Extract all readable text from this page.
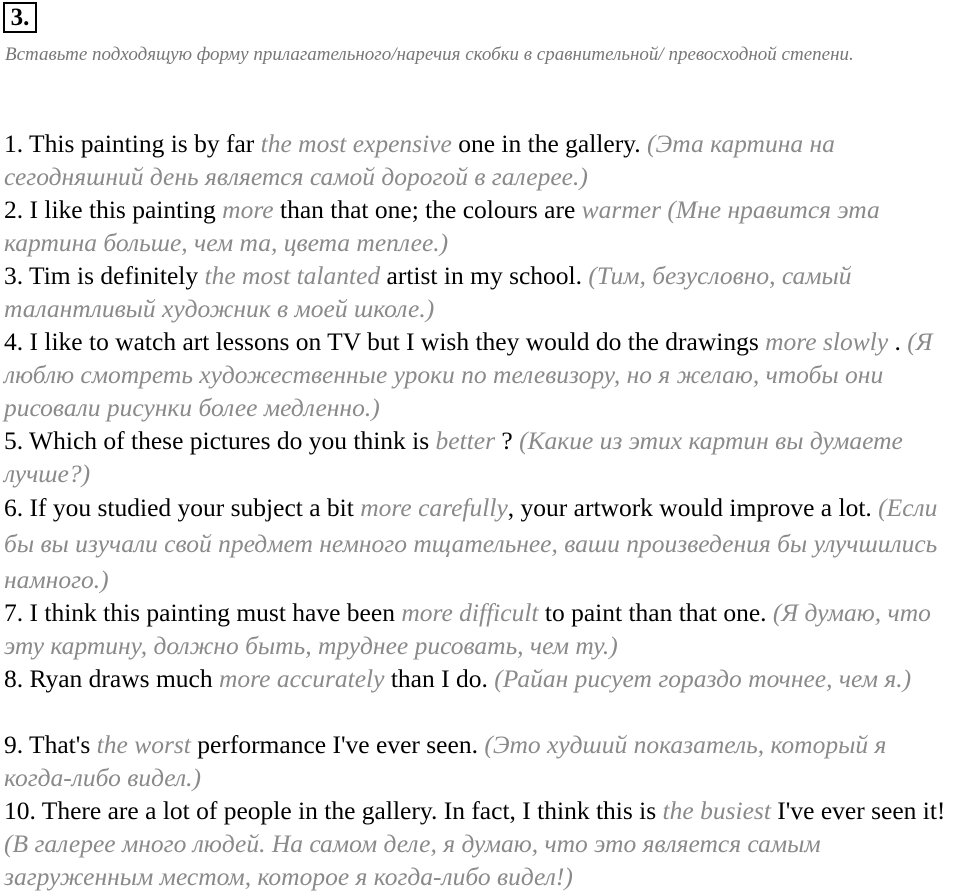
3.

Вставьте подходящую форму прилагательного/наречия скобки в сравнительной/ превосходной степени.

1. This painting is by far the most expensive one in the gallery. (Эта картина на сегодняшний день является самой дорогой в галерее.)

2. I like this painting more than that one; the colours are warmer (Мне нравится эта картина больше, чем та, цвета теплее.)

3. Tim is definitely the most talanted artist in my school. (Тим, безусловно, самый талантливый художник в моей школе.)

4. I like to watch art lessons on TV but I wish they would do the drawings more slowly . (Я люблю смотреть художественные уроки по телевизору, но я желаю, чтобы они рисовали рисунки более медленно.)

5. Which of these pictures do you think is better ? (Какие из этих картин вы думаете лучше?)

6. If you studied your subject a bit more carefully, your artwork would improve a lot. (Если бы вы изучали свой предмет немного тщательнее, ваши произведения бы улучшились намного.)

7. I think this painting must have been more difficult to paint than that one. (Я думаю, что эту картину, должно быть, труднее рисовать, чем ту.)

8. Ryan draws much more accurately than I do. (Райан рисует гораздо точнее, чем я.)

9. That's the worst performance I've ever seen. (Это худший показатель, который я когда-либо видел.)

10. There are a lot of people in the gallery. In fact, I think this is the busiest I've ever seen it! (В галерее много людей. На самом деле, я думаю, что это является самым загруженным местом, которое я когда-либо видел!)
